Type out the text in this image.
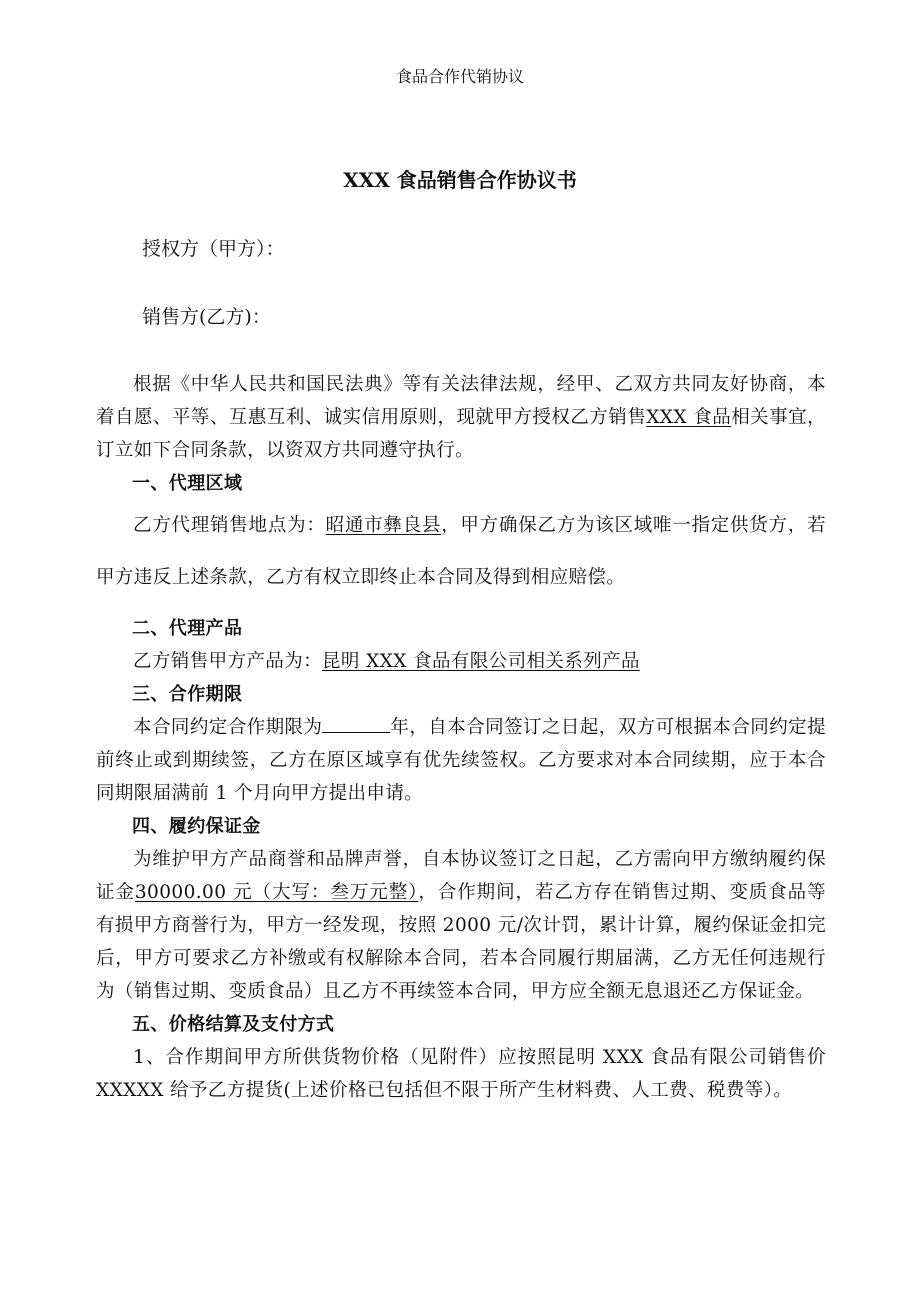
食品合作代销协议
XXX 食品销售合作协议书
授权方（甲方）：
销售方(乙方)：

根据《中华人民共和国民法典》等有关法律法规，经甲、乙双方共同友好协商，本着自愿、平等、互惠互利、诚实信用原则，现就甲方授权乙方销售XXX 食品相关事宜，订立如下合同条款，以资双方共同遵守执行。

一、代理区域

乙方代理销售地点为：昭通市彝良县，甲方确保乙方为该区域唯一指定供货方，若甲方违反上述条款，乙方有权立即终止本合同及得到相应赔偿。

二、代理产品

乙方销售甲方产品为：昆明 XXX 食品有限公司相关系列产品

三、合作期限

本合同约定合作期限为	年，自本合同签订之日起，双方可根据本合同约定提前终止或到期续签，乙方在原区域享有优先续签权。乙方要求对本合同续期，应于本合同期限届满前 1 个月向甲方提出申请。

四、履约保证金

为维护甲方产品商誉和品牌声誉，自本协议签订之日起，乙方需向甲方缴纳履约保证金30000.00 元（大写：叁万元整），合作期间，若乙方存在销售过期、变质食品等有损甲方商誉行为，甲方一经发现，按照 2000 元/次计罚，累计计算，履约保证金扣完后，甲方可要求乙方补缴或有权解除本合同，若本合同履行期届满，乙方无任何违规行为（销售过期、变质食品）且乙方不再续签本合同，甲方应全额无息退还乙方保证金。

五、价格结算及支付方式

1、合作期间甲方所供货物价格（见附件）应按照昆明 XXX 食品有限公司销售价 XXXXX 给予乙方提货(上述价格已包括但不限于所产生材料费、人工费、税费等）。
